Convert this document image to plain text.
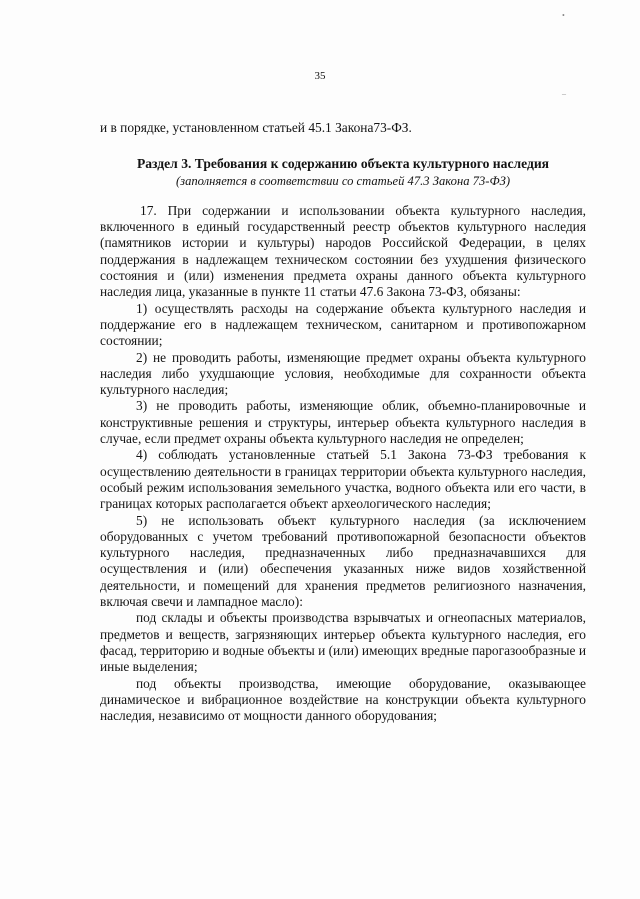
•
–
35

и в порядке, установленном статьей 45.1 Закона73-ФЗ.

Раздел 3. Требования к содержанию объекта культурного наследия

(заполняется в соответствии со статьей 47.3 Закона 73-ФЗ)

17. При содержании и использовании объекта культурного наследия, включенного в единый государственный реестр объектов культурного наследия (памятников истории и культуры) народов Российской Федерации, в целях поддержания в надлежащем техническом состоянии без ухудшения физического состояния и (или) изменения предмета охраны данного объекта культурного наследия лица, указанные в пункте 11 статьи 47.6 Закона 73-ФЗ, обязаны:

1) осуществлять расходы на содержание объекта культурного наследия и поддержание его в надлежащем техническом, санитарном и противопожарном состоянии;

2) не проводить работы, изменяющие предмет охраны объекта культурного наследия либо ухудшающие условия, необходимые для сохранности объекта культурного наследия;

3) не проводить работы, изменяющие облик, объемно-планировочные и конструктивные решения и структуры, интерьер объекта культурного наследия в случае, если предмет охраны объекта культурного наследия не определен;

4) соблюдать установленные статьей 5.1 Закона 73-ФЗ требования к осуществлению деятельности в границах территории объекта культурного наследия, особый режим использования земельного участка, водного объекта или его части, в границах которых располагается объект археологического наследия;

5) не использовать объект культурного наследия (за исключением оборудованных с учетом требований противопожарной безопасности объектов культурного наследия, предназначенных либо предназначавшихся для осуществления и (или) обеспечения указанных ниже видов хозяйственной деятельности, и помещений для хранения предметов религиозного назначения, включая свечи и лампадное масло):

под склады и объекты производства взрывчатых и огнеопасных материалов, предметов и веществ, загрязняющих интерьер объекта культурного наследия, его фасад, территорию и водные объекты и (или) имеющих вредные парогазообразные и иные выделения;

под объекты производства, имеющие оборудование, оказывающее динамическое и вибрационное воздействие на конструкции объекта культурного наследия, независимо от мощности данного оборудования;
